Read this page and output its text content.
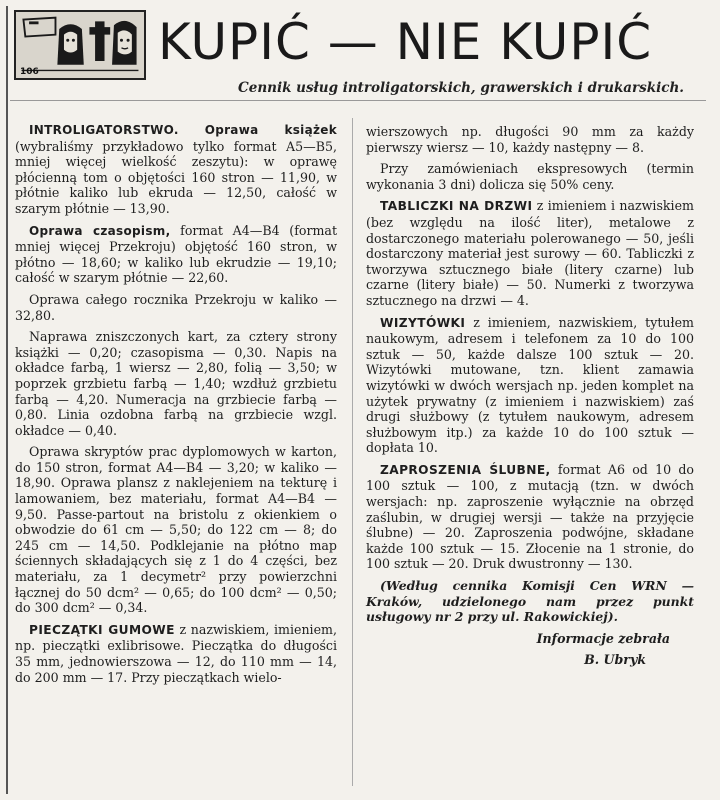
106
KUPIĆ — NIE KUPIĆ
Cennik usług introligatorskich, grawerskich i drukarskich.

INTROLIGATORSTWO. Oprawa książek (wybraliśmy przykładowo tylko format A5—B5, mniej więcej wielkość zeszytu): w oprawę płócienną tom o objętości 160 stron — 11,90, w płótnie kaliko lub ekruda — 12,50, całość w szarym płótnie — 13,90.

Oprawa czasopism, format A4—B4 (format mniej więcej Przekroju) objętość 160 stron, w płótno — 18,60; w kaliko lub ekrudzie — 19,10; całość w szarym płótnie — 22,60.

Oprawa całego rocznika Przekroju w kaliko — 32,80.

Naprawa zniszczonych kart, za cztery strony książki — 0,20; czasopisma — 0,30. Napis na okładce farbą, 1 wiersz — 2,80, folią — 3,50; w poprzek grzbietu farbą — 1,40; wzdłuż grzbietu farbą — 4,20. Numeracja na grzbiecie farbą — 0,80. Linia ozdobna farbą na grzbiecie wzgl. okładce — 0,40.

Oprawa skryptów prac dyplomowych w karton, do 150 stron, format A4—B4 — 3,20; w kaliko — 18,90. Oprawa plansz z naklejeniem na tekturę i lamowaniem, bez materiału, format A4—B4 — 9,50. Passe-partout na bristolu z okienkiem o obwodzie do 61 cm — 5,50; do 122 cm — 8; do 245 cm — 14,50. Podklejanie na płótno map ściennych składających się z 1 do 4 części, bez materiału, za 1 decymetr² przy powierzchni łącznej do 50 dcm² — 0,65; do 100 dcm² — 0,50; do 300 dcm² — 0,34.

PIECZĄTKI GUMOWE z nazwiskiem, imieniem, np. pieczątki exlibrisowe. Pieczątka do długości 35 mm, jednowierszowa — 12, do 110 mm — 14, do 200 mm — 17. Przy pieczątkach wielo-

wierszowych np. długości 90 mm za każdy pierwszy wiersz — 10, każdy następny — 8.

Przy zamówieniach ekspresowych (termin wykonania 3 dni) dolicza się 50% ceny.

TABLICZKI NA DRZWI z imieniem i nazwiskiem (bez względu na ilość liter), metalowe z dostarczonego materiału polerowanego — 50, jeśli dostarczony materiał jest surowy — 60. Tabliczki z tworzywa sztucznego białe (litery czarne) lub czarne (litery białe) — 50. Numerki z tworzywa sztucznego na drzwi — 4.

WIZYTÓWKI z imieniem, nazwiskiem, tytułem naukowym, adresem i telefonem za 10 do 100 sztuk — 50, każde dalsze 100 sztuk — 20. Wizytówki mutowane, tzn. klient zamawia wizytówki w dwóch wersjach np. jeden komplet na użytek prywatny (z imieniem i nazwiskiem) zaś drugi służbowy (z tytułem naukowym, adresem służbowym itp.) za każde 10 do 100 sztuk — dopłata 10.

ZAPROSZENIA ŚLUBNE, format A6 od 10 do 100 sztuk — 100, z mutacją (tzn. w dwóch wersjach: np. zaproszenie wyłącznie na obrzęd zaślubin, w drugiej wersji — także na przyjęcie ślubne) — 20. Zaproszenia podwójne, składane każde 100 sztuk — 15. Złocenie na 1 stronie, do 100 sztuk — 20. Druk dwustronny — 130.

(Według cennika Komisji Cen WRN — Kraków, udzielonego nam przez punkt usługowy nr 2 przy ul. Rakowickiej).

Informacje zebrała

B. Ubryk
